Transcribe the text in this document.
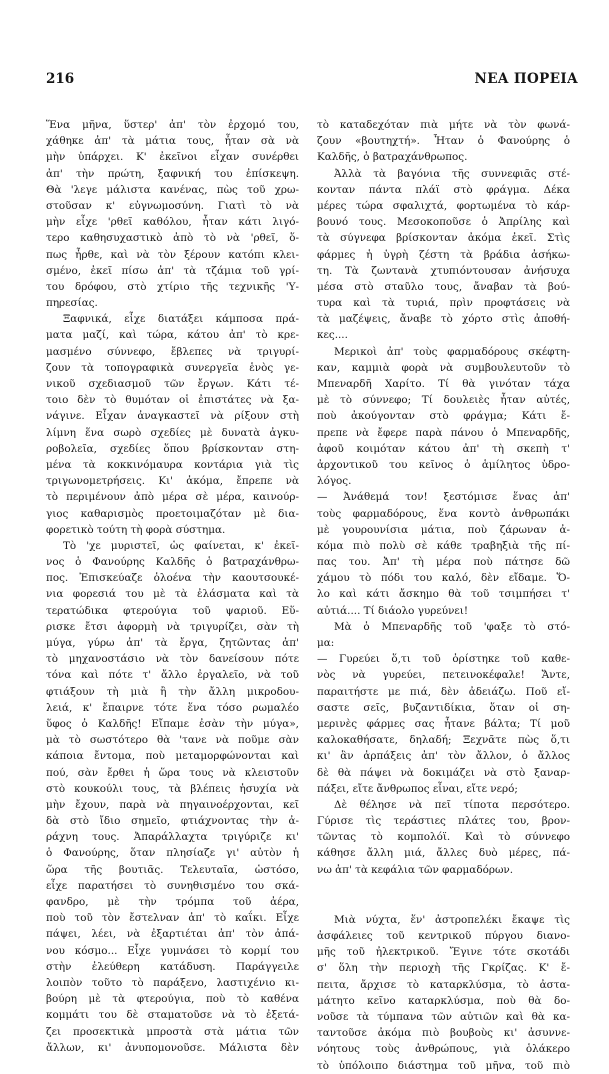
216	ΝΕΑ ΠΟΡΕΙΑ
Ἕνα μῆνα, ὕστερ' ἀπ' τὸν ἐρχομό του,
χάθηκε ἀπ' τὰ μάτια τους, ἦταν σὰ νὰ
μὴν ὑπάρχει. Κ' ἐκεῖνοι εἶχαν συνέρθει
ἀπ' τὴν πρώτη, ξαφνική του ἐπίσκεψη.
Θὰ 'λεγε μάλιστα κανένας, πὼς τοῦ χρω-
στοῦσαν κ' εὐγνωμοσύνη. Γιατὶ τὸ νὰ
μὴν εἶχε 'ρθεῖ καθόλου, ἦταν κάτι λιγό-
τερο καθησυχαστικὸ ἀπὸ τὸ νὰ 'ρθεῖ, ὅ-
πως ἦρθε, καὶ νὰ τὸν ξέρουν κατόπι κλει-
σμένο, ἐκεῖ πίσω ἀπ' τὰ τζάμια τοῦ γρί-
του δρόφου, στὸ χτίριο τῆς τεχνικῆς 'Υ-
πηρεσίας.
Ξαφνικά, εἶχε διατάξει κάμποσα πρά-
ματα μαζί, καὶ τώρα, κάτου ἀπ' τὸ κρε-
μασμένο σύννεφο, ἔβλεπες νὰ τριγυρί-
ζουν τὰ τοπογραφικὰ συνεργεῖα ἑνὸς γε-
νικοῦ σχεδιασμοῦ τῶν ἔργων. Κάτι τέ-
τοιο δὲν τὸ θυμόταν οἱ ἐπιστάτες νὰ ξα-
νάγινε. Εἶχαν ἀναγκαστεῖ νὰ ρίξουν στὴ
λίμνη ἕνα σωρὸ σχεδίες μὲ δυνατὰ ἀγκυ-
ροβολεῖα, σχεδίες ὅπου βρίσκονταν στη-
μένα τὰ κοκκινόμαυρα κοντάρια γιὰ τὶς
τριγωνομετρήσεις. Κι' ἀκόμα, ἔπρεπε νὰ
τὸ περιμένουν ἀπὸ μέρα σὲ μέρα, καινούρ-
γιος καθαρισμὸς προετοιμαζόταν μὲ δια-
φορετικὸ τούτη τὴ φορὰ σύστημα.
Τὸ 'χε μυριστεῖ, ὡς φαίνεται, κ' ἐκεῖ-
νος ὁ Φανούρης Καλδῆς ὁ βατραχάνθρω-
πος. Ἐπισκεύαζε ὁλοένα τὴν καουτσουκέ-
νια φορεσιά του μὲ τὰ ἐλάσματα καὶ τὰ
τερατώδικα φτερούγια τοῦ ψαριοῦ. Εὕ-
ρισκε ἔτσι ἀφορμὴ νὰ τριγυρίζει, σὰν τὴ
μύγα, γύρω ἀπ' τὰ ἔργα, ζητῶντας ἀπ'
τὸ μηχανοστάσιο νὰ τὸν δανείσουν πότε
τόνα καὶ πότε τ' ἄλλο ἐργαλεῖο, νὰ τοῦ
φτιάξουν τὴ μιὰ ἢ τὴν ἄλλη μικροδου-
λειά, κ' ἔπαιρνε τότε ἕνα τόσο ρωμαλέο
ὕφος ὁ Καλδῆς! Εἴπαμε ἐσὰν τὴν μύγα»,
μὰ τὸ σωστότερο θὰ 'τανε νὰ ποῦμε σὰν
κάποια ἔντομα, ποὺ μεταμορφώνονται καὶ
πού, σὰν ἔρθει ἡ ὥρα τους νὰ κλειστοῦν
στὸ κουκούλι τους, τὰ βλέπεις ἡσυχία νὰ
μὴν ἔχουν, παρὰ νὰ πηγαινοέρχονται, κεῖ
δὰ στὸ ἴδιο σημεῖο, φτιάχνοντας τὴν ἀ-
ράχνη τους. Ἀπαράλλαχτα τριγύριζε κι'
ὁ Φανούρης, ὅταν πλησίαζε γι' αὐτὸν ἡ
ὥρα τῆς βουτιᾶς. Τελευταῖα, ὡστόσο,
εἶχε παρατήσει τὸ συνηθισμένο του σκά-
φανδρο, μὲ τὴν τρόμπα τοῦ ἀέρα,
ποὺ τοῦ τὸν ἔστελναν ἀπ' τὸ καΐκι. Εἶχε
πάψει, λέει, νὰ ἐξαρτιέται ἀπ' τὸν ἀπά-
νου κόσμο... Εἶχε γυμνάσει τὸ κορμί του
στὴν ἐλεύθερη κατάδυση. Παράγγειλε
λοιπὸν τοῦτο τὸ παράξενο, λαστιχένιο κι-
βούρη μὲ τὰ φτερούγια, ποὺ τὸ καθένα
κομμάτι του δὲ σταματοῦσε νὰ τὸ ἐξετά-
ζει προσεκτικὰ μπροστὰ στὰ μάτια τῶν
ἄλλων, κι' ἀνυπομονοῦσε. Μάλιστα δὲν
τὸ καταδεχόταν πιὰ μήτε νὰ τὸν φωνά-
ζουν «βουτηχτή». Ἦταν ὁ Φανούρης ὁ
Καλδῆς, ὁ βατραχάνθρωπος.
Ἀλλὰ τὰ βαγόνια τῆς συννεφιᾶς στέ-
κονταν πάντα πλάϊ στὸ φράγμα. Δέκα
μέρες τώρα σφαλιχτά, φορτωμένα τὸ κάρ-
βουνό τους. Μεσοκοποῦσε ὁ Ἀπρίλης καὶ
τὰ σύγνεφα βρίσκονταν ἀκόμα ἐκεῖ. Στὶς
φάρμες ἡ ὑγρὴ ζέστη τὰ βράδια ἀσήκω-
τη. Τὰ ζωντανὰ χτυπιόντουσαν ἀνήσυχα
μέσα στὸ σταῦλο τους, ἄναβαν τὰ βού-
τυρα καὶ τὰ τυριά, πρὶν προφτάσεις νὰ
τὰ μαζέψεις, ἄναβε τὸ χόρτο στὶς ἀποθή-
κες....
Μερικοὶ ἀπ' τοὺς φαρμαδόρους σκέφτη-
καν, καμμιὰ φορὰ νὰ συμβουλευτοῦν τὸ
Μπεναρδῆ Χαρίτο. Τί θὰ γινόταν τάχα
μὲ τὸ σύννεφο; Τί δουλειὲς ἦταν αὐτές,
ποὺ ἀκούγονταν στὸ φράγμα; Κάτι ἔ-
πρεπε νὰ ἔφερε παρὰ πάνου ὁ Μπεναρδῆς,
ἀφοῦ κοιμόταν κάτου ἀπ' τὴ σκεπὴ τ'
ἀρχοντικοῦ του κεῖνος ὁ ἁμίλητος ὑδρο-
λόγος.
— Ἀνάθεμά τον! ξεστόμισε ἕνας ἀπ'
τοὺς φαρμαδόρους, ἕνα κοντὸ ἀνθρωπάκι
μὲ γουρουνίσια μάτια, ποὺ ζάρωναν ἀ-
κόμα πιὸ πολὺ σὲ κάθε τραβηξιὰ τῆς πί-
πας του. Ἀπ' τὴ μέρα ποὺ πάτησε δῶ
χάμου τὸ πόδι του καλό, δὲν εἴδαμε. Ὅ-
λο καὶ κάτι ἄσκημο θὰ τοῦ τσιμπήσει τ'
αὐτιά.... Τί διάολο γυρεύνει!
Μὰ ὁ Μπεναρδῆς τοῦ 'φαξε τὸ στό-
μα:
— Γυρεύει ὅ,τι τοῦ ὁρίστηκε τοῦ καθε-
νὸς νὰ γυρεύει, πετεινοκέφαλε! Ἄντε,
παραιτήστε με πιά, δὲν ἀδειάζω. Ποῦ εἴ-
σαστε σεῖς, βυζαντιδίκια, ὅταν οἱ ση-
μερινὲς φάρμες σας ἦτανε βάλτα; Τί μοῦ
καλοκαθήσατε, δηλαδή; Ξεχνᾶτε πὼς ὅ,τι
κι' ἂν ἁρπάξεις ἀπ' τὸν ἄλλον, ὁ ἄλλος
δὲ θὰ πάψει νὰ δοκιμάζει νὰ στὸ ξαναρ-
πάξει, εἴτε ἄνθρωπος εἶναι, εἴτε νερό;
Δὲ θέλησε νὰ πεῖ τίποτα περσότερο.
Γύρισε τὶς τεράστιες πλάτες του, βρον-
τῶντας τὸ κομπολόϊ. Καὶ τὸ σύννεφο
κάθησε ἄλλη μιά, ἄλλες δυὸ μέρες, πά-
νω ἀπ' τὰ κεφάλια τῶν φαρμαδόρων.
Μιὰ νύχτα, ἕν' ἀστροπελέκι ἔκαψε τὶς
ἀσφάλειες τοῦ κεντρικοῦ πύργου διανο-
μῆς τοῦ ἠλεκτρικοῦ. Ἔγινε τότε σκοτάδι
σ' ὅλη τὴν περιοχὴ τῆς Γκρίζας. Κ' ἔ-
πειτα, ἄρχισε τὸ καταρκλύσμα, τὸ ἀστα-
μάτητο κεῖνο καταρκλύσμα, ποὺ θὰ δο-
νοῦσε τὰ τύμπανα τῶν αὐτιῶν καὶ θὰ κα-
ταντοῦσε ἀκόμα πιὸ βουβοὺς κι' ἀσυννε-
νόητους τοὺς ἀνθρώπους, γιὰ ὁλάκερο
τὸ ὑπόλοιπο διάστημα τοῦ μῆνα, τοῦ πιὸ
